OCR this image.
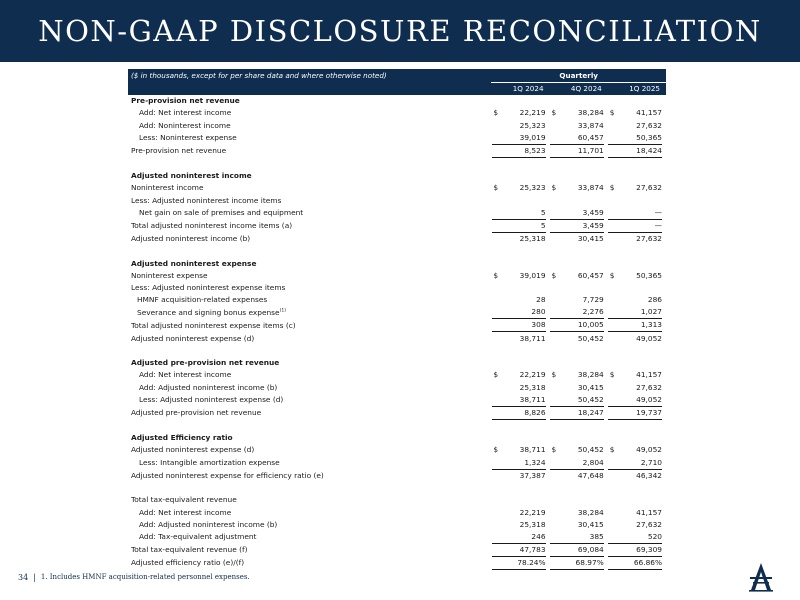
NON-GAAP DISCLOSURE RECONCILIATION
($ in thousands, except for per share data and where otherwise noted)	Quarterly		
	1Q 2024	4Q 2024	1Q 2025
Pre-provision net revenue			
Add: Net interest income	$ 22,219	$ 38,284	$ 41,157
Add: Noninterest income	25,323	33,874	27,632
Less: Noninterest expense	39,019	60,457	50,365
Pre-provision net revenue	8,523	11,701	18,424

Adjusted noninterest income			
Noninterest income	$ 25,323	$ 33,874	$ 27,632
Less: Adjusted noninterest income items			
Net gain on sale of premises and equipment	5	3,459	—
Total adjusted noninterest income items (a)	5	3,459	—
Adjusted noninterest income (b)	25,318	30,415	27,632

Adjusted noninterest expense			
Noninterest expense	$ 39,019	$ 60,457	$ 50,365
Less: Adjusted noninterest expense items			
HMNF acquisition-related expenses	28	7,729	286
Severance and signing bonus expense$^{(1)}$	280	2,276	1,027
Total adjusted noninterest expense items (c)	308	10,005	1,313
Adjusted noninterest expense (d)	38,711	50,452	49,052

Adjusted pre-provision net revenue			
Add: Net interest income	$ 22,219	$ 38,284	$ 41,157
Add: Adjusted noninterest income (b)	25,318	30,415	27,632
Less: Adjusted noninterest expense (d)	38,711	50,452	49,052
Adjusted pre-provision net revenue	8,826	18,247	19,737

Adjusted Efficiency ratio			
Adjusted noninterest expense (d)	$ 38,711	$ 50,452	$ 49,052
Less: Intangible amortization expense	1,324	2,804	2,710
Adjusted noninterest expense for efficiency ratio (e)	37,387	47,648	46,342

Total tax-equivalent revenue			
Add: Net interest income	22,219	38,284	41,157
Add: Adjusted noninterest income (b)	25,318	30,415	27,632
Add: Tax-equivalent adjustment	246	385	520
Total tax-equivalent revenue (f)	47,783	69,084	69,309
Adjusted efficiency ratio (e)/(f)	78.24%	68.97%	66.86%
34 | 1. Includes HMNF acquisition-related personnel expenses.
